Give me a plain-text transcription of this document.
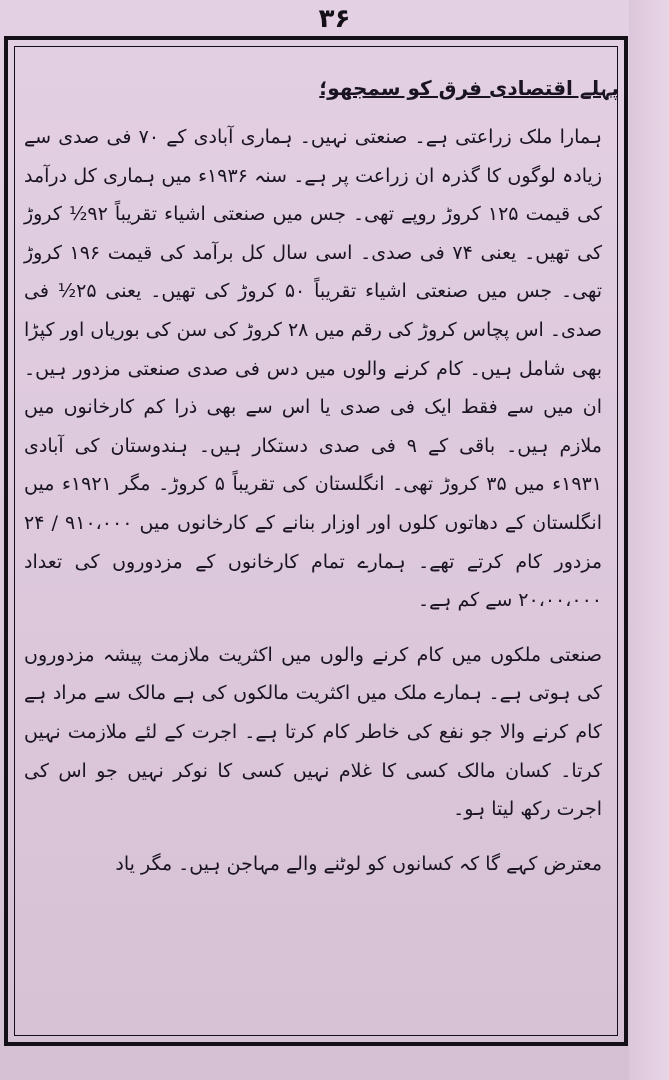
۳۶
پہلے اقتصادی فرق کو سمجھو؛

ہمارا ملک زراعتی ہے۔ صنعتی نہیں۔ ہماری آبادی کے ۷۰ فی صدی سے زیادہ لوگوں کا گذرہ ان زراعت پر ہے۔ سنہ ۱۹۳۶ء میں ہماری کل درآمد کی قیمت ۱۲۵ کروڑ روپے تھی۔ جس میں صنعتی اشیاء تقریباً ۹۲½ کروڑ کی تھیں۔ یعنی ۷۴ فی صدی۔ اسی سال کل برآمد کی قیمت ۱۹۶ کروڑ تھی۔ جس میں صنعتی اشیاء تقریباً ۵۰ کروڑ کی تھیں۔ یعنی ۲۵½ فی صدی۔ اس پچاس کروڑ کی رقم میں ۲۸ کروڑ کی سن کی بوریاں اور کپڑا بھی شامل ہیں۔ کام کرنے والوں میں دس فی صدی صنعتی مزدور ہیں۔ ان میں سے فقط ایک فی صدی یا اس سے بھی ذرا کم کارخانوں میں ملازم ہیں۔ باقی کے ۹ فی صدی دستکار ہیں۔ ہندوستان کی آبادی ۱۹۳۱ء میں ۳۵ کروڑ تھی۔ انگلستان کی تقریباً ۵ کروڑ۔ مگر ۱۹۲۱ء میں انگلستان کے دھاتوں کلوں اور اوزار بنانے کے کارخانوں میں ۹۱۰،۰۰۰ / ۲۴ مزدور کام کرتے تھے۔ ہمارے تمام کارخانوں کے مزدوروں کی تعداد ۲۰،۰۰،۰۰۰ سے کم ہے۔

صنعتی ملکوں میں کام کرنے والوں میں اکثریت ملازمت پیشہ مزدوروں کی ہوتی ہے۔ ہمارے ملک میں اکثریت مالکوں کی ہے مالک سے مراد ہے کام کرنے والا جو نفع کی خاطر کام کرتا ہے۔ اجرت کے لئے ملازمت نہیں کرتا۔ کسان مالک کسی کا غلام نہیں کسی کا نوکر نہیں جو اس کی اجرت رکھ لیتا ہو۔

معترض کہے گا کہ کسانوں کو لوٹنے والے مہاجن ہیں۔ مگر یاد
